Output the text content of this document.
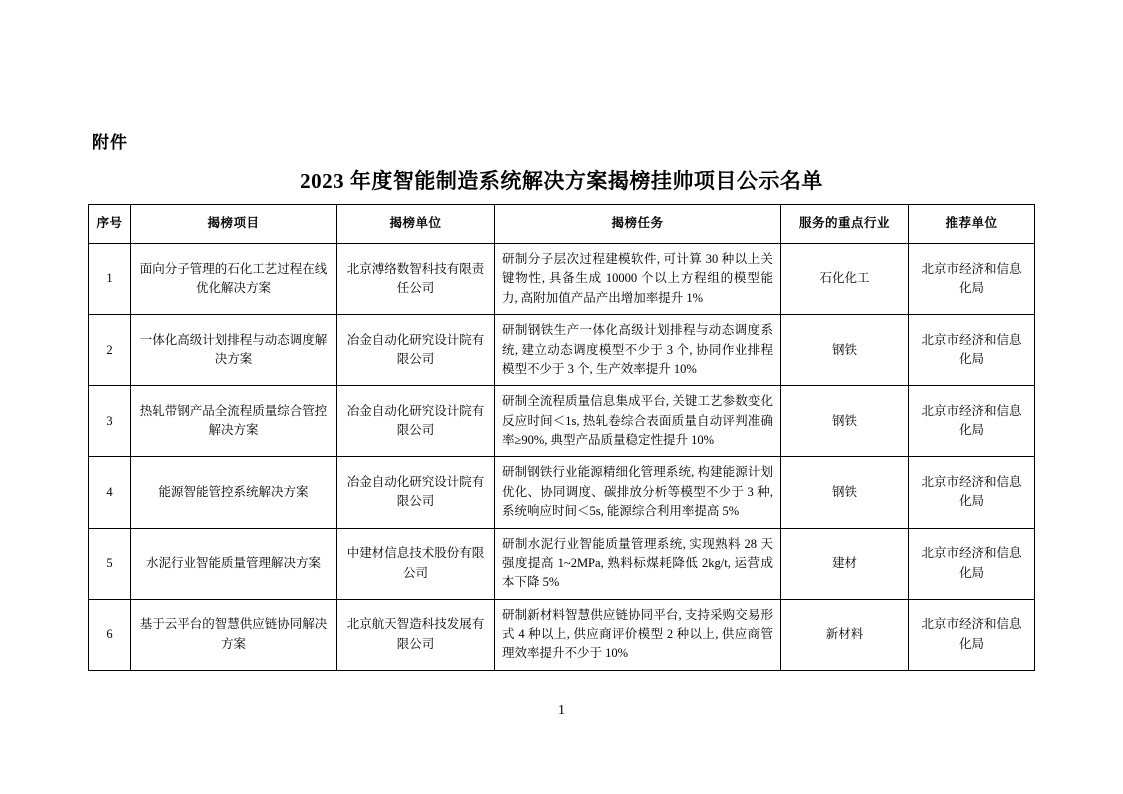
附件
2023 年度智能制造系统解决方案揭榜挂帅项目公示名单
序号	揭榜项目	揭榜单位	揭榜任务	服务的重点行业	推荐单位
1	面向分子管理的石化工艺过程在线优化解决方案	北京溥络数智科技有限责任公司	研制分子层次过程建模软件, 可计算 30 种以上关键物性, 具备生成 10000 个以上方程组的模型能力, 高附加值产品产出增加率提升 1%	石化化工	北京市经济和信息化局
2	一体化高级计划排程与动态调度解决方案	冶金自动化研究设计院有限公司	研制钢铁生产一体化高级计划排程与动态调度系统, 建立动态调度模型不少于 3 个, 协同作业排程模型不少于 3 个, 生产效率提升 10%	钢铁	北京市经济和信息化局
3	热轧带钢产品全流程质量综合管控解决方案	冶金自动化研究设计院有限公司	研制全流程质量信息集成平台, 关键工艺参数变化反应时间＜1s, 热轧卷综合表面质量自动评判准确率≥90%, 典型产品质量稳定性提升 10%	钢铁	北京市经济和信息化局
4	能源智能管控系统解决方案	冶金自动化研究设计院有限公司	研制钢铁行业能源精细化管理系统, 构建能源计划优化、协同调度、碳排放分析等模型不少于 3 种, 系统响应时间＜5s, 能源综合利用率提高 5%	钢铁	北京市经济和信息化局
5	水泥行业智能质量管理解决方案	中建材信息技术股份有限公司	研制水泥行业智能质量管理系统, 实现熟料 28 天强度提高 1~2MPa, 熟料标煤耗降低 2kg/t, 运营成本下降 5%	建材	北京市经济和信息化局
6	基于云平台的智慧供应链协同解决方案	北京航天智造科技发展有限公司	研制新材料智慧供应链协同平台, 支持采购交易形式 4 种以上, 供应商评价模型 2 种以上, 供应商管理效率提升不少于 10%	新材料	北京市经济和信息化局
1
